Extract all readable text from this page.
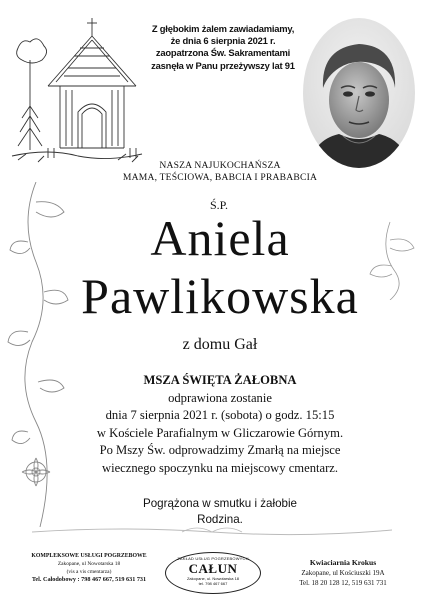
Z głębokim żalem zawiadamiamy,
że dnia 6 sierpnia 2021 r.
zaopatrzona Św. Sakramentami
zasnęła w Panu przeżywszy lat 91
NASZA NAJUKOCHAŃSZA
MAMA, TEŚCIOWA, BABCIA I PRABABCIA
Ś.P.
Aniela
Pawlikowska
z domu Gał
MSZA ŚWIĘTA ŻAŁOBNA
odprawiona zostanie
dnia 7 sierpnia 2021 r. (sobota) o godz. 15:15
w Kościele Parafialnym w Gliczarowie Górnym.
Po Mszy Św. odprowadzimy Zmarłą na miejsce
wiecznego spoczynku na miejscowy cmentarz.
Pogrążona w smutku i żałobie
Rodzina.
KOMPLEKSOWE USŁUGI POGRZEBOWE
Zakopane, ul Nowotarska 18
(vis a vis cmentarza)
Tel. Całodobowy : 798 467 667, 519 631 731
ZAKŁAD USŁUG POGRZEBOWYCH
CAŁUN
Zakopane, ul. Nowotarska 18
tel. 798 467 667
Kwiaciarnia Krokus
Zakopane, ul Kościuszki 19A
Tel. 18 20 128 12, 519 631 731
